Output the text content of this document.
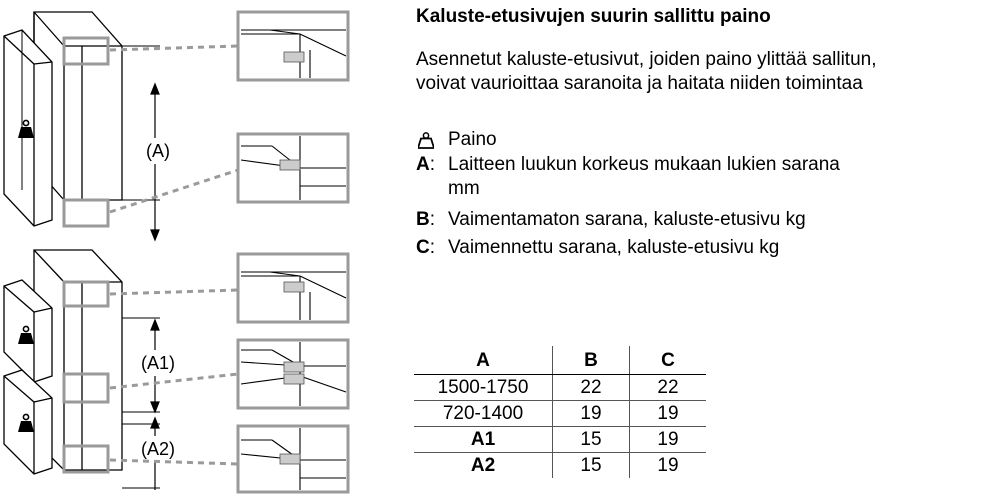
(A)
(A1)
(A2)
Kaluste-etusivujen suurin sallittu paino
Asennetut kaluste-etusivut, joiden paino ylittää sallitun,
voivat vaurioittaa saranoita ja haitata niiden toimintaa
Paino
A: Laitteen luukun korkeus mukaan lukien sarana
mm
B: Vaimentamaton sarana, kaluste-etusivu kg
C: Vaimennettu sarana, kaluste-etusivu kg
A	B	C
1500-1750	22	22
720-1400	19	19
A1	15	19
A2	15	19
